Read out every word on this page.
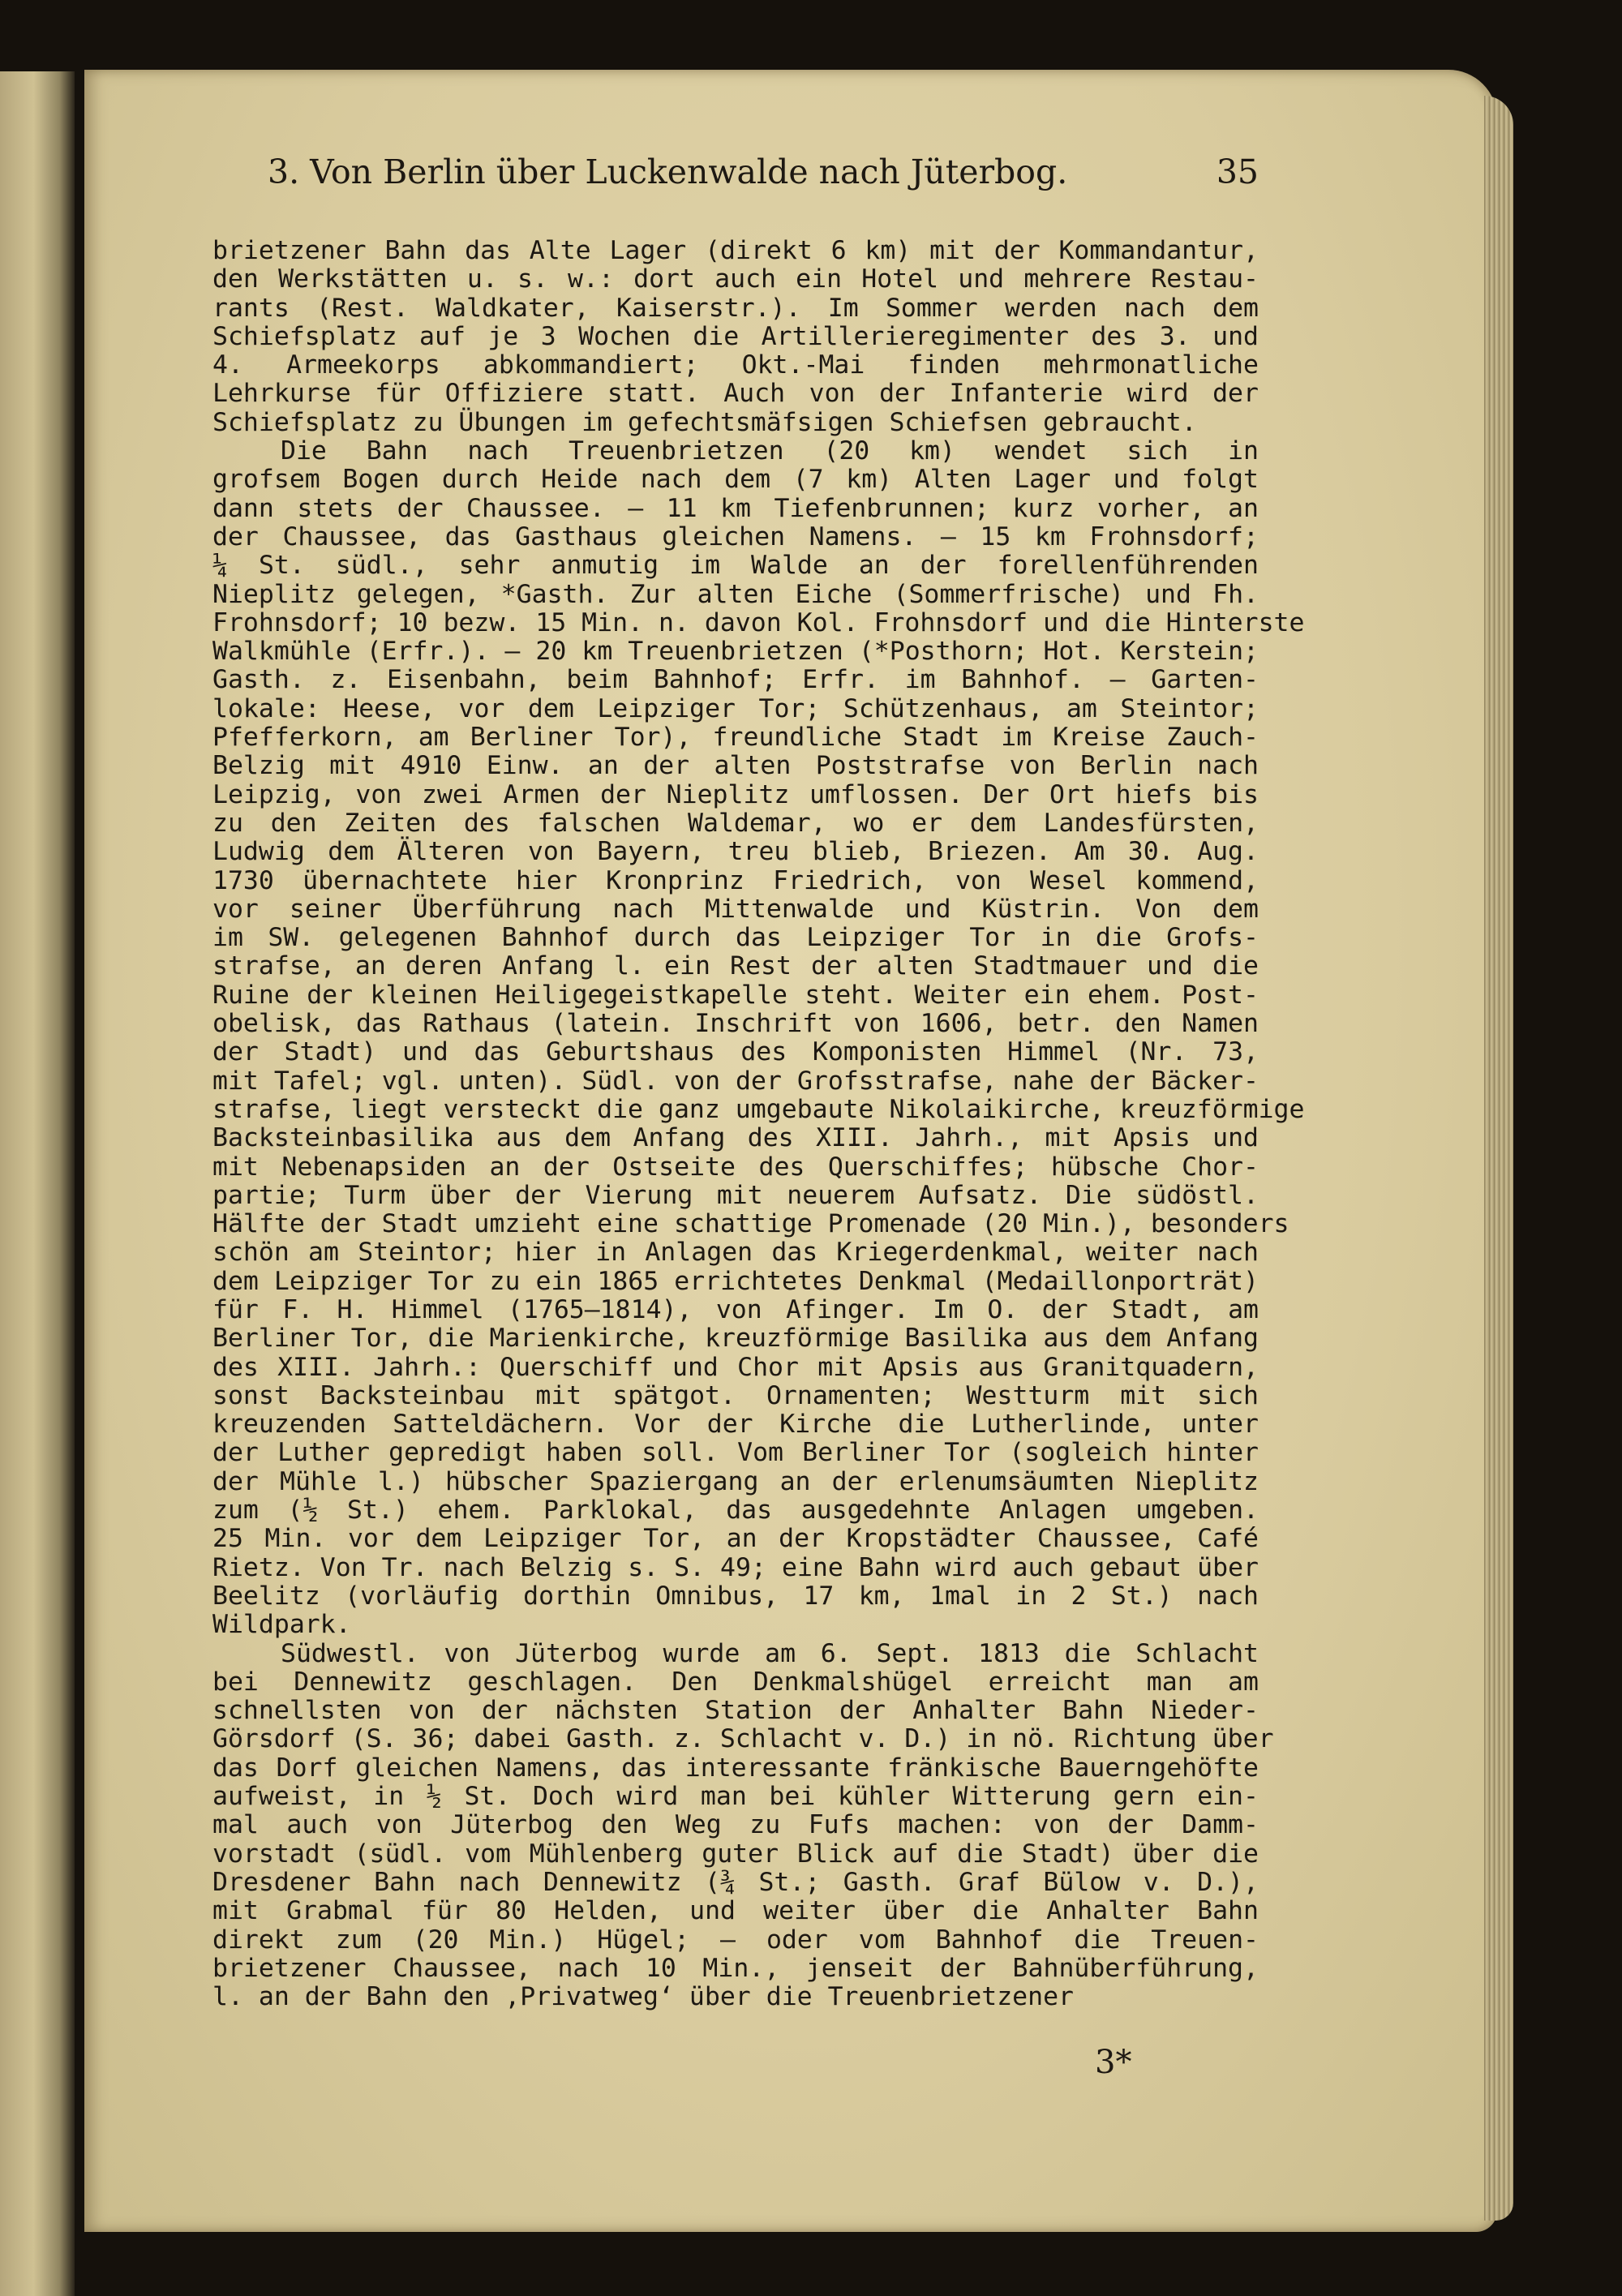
3. Von Berlin über Luckenwalde nach Jüterbog.	35
brietzener Bahn das Alte Lager (direkt 6 km) mit der Kommandantur,
den Werkstätten u. s. w.: dort auch ein Hotel und mehrere Restau-
rants (Rest. Waldkater, Kaiserstr.). Im Sommer werden nach dem
Schiefsplatz auf je 3 Wochen die Artillerieregimenter des 3. und
4. Armeekorps abkommandiert; Okt.-Mai finden mehrmonatliche
Lehrkurse für Offiziere statt. Auch von der Infanterie wird der
Schiefsplatz zu Übungen im gefechtsmäfsigen Schiefsen gebraucht.
Die Bahn nach Treuenbrietzen (20 km) wendet sich in
grofsem Bogen durch Heide nach dem (7 km) Alten Lager und folgt
dann stets der Chaussee. — 11 km Tiefenbrunnen; kurz vorher, an
der Chaussee, das Gasthaus gleichen Namens. — 15 km Frohnsdorf;
¼ St. südl., sehr anmutig im Walde an der forellenführenden
Nieplitz gelegen, *Gasth. Zur alten Eiche (Sommerfrische) und Fh.
Frohnsdorf; 10 bezw. 15 Min. n. davon Kol. Frohnsdorf und die Hinterste
Walkmühle (Erfr.). — 20 km Treuenbrietzen (*Posthorn; Hot. Kerstein;
Gasth. z. Eisenbahn, beim Bahnhof; Erfr. im Bahnhof. — Garten-
lokale: Heese, vor dem Leipziger Tor; Schützenhaus, am Steintor;
Pfefferkorn, am Berliner Tor), freundliche Stadt im Kreise Zauch-
Belzig mit 4910 Einw. an der alten Poststrafse von Berlin nach
Leipzig, von zwei Armen der Nieplitz umflossen. Der Ort hiefs bis
zu den Zeiten des falschen Waldemar, wo er dem Landesfürsten,
Ludwig dem Älteren von Bayern, treu blieb, Briezen. Am 30. Aug.
1730 übernachtete hier Kronprinz Friedrich, von Wesel kommend,
vor seiner Überführung nach Mittenwalde und Küstrin. Von dem
im SW. gelegenen Bahnhof durch das Leipziger Tor in die Grofs-
strafse, an deren Anfang l. ein Rest der alten Stadtmauer und die
Ruine der kleinen Heiligegeistkapelle steht. Weiter ein ehem. Post-
obelisk, das Rathaus (latein. Inschrift von 1606, betr. den Namen
der Stadt) und das Geburtshaus des Komponisten Himmel (Nr. 73,
mit Tafel; vgl. unten). Südl. von der Grofsstrafse, nahe der Bäcker-
strafse, liegt versteckt die ganz umgebaute Nikolaikirche, kreuzförmige
Backsteinbasilika aus dem Anfang des XIII. Jahrh., mit Apsis und
mit Nebenapsiden an der Ostseite des Querschiffes; hübsche Chor-
partie; Turm über der Vierung mit neuerem Aufsatz. Die südöstl.
Hälfte der Stadt umzieht eine schattige Promenade (20 Min.), besonders
schön am Steintor; hier in Anlagen das Kriegerdenkmal, weiter nach
dem Leipziger Tor zu ein 1865 errichtetes Denkmal (Medaillonporträt)
für F. H. Himmel (1765–1814), von Afinger. Im O. der Stadt, am
Berliner Tor, die Marienkirche, kreuzförmige Basilika aus dem Anfang
des XIII. Jahrh.: Querschiff und Chor mit Apsis aus Granitquadern,
sonst Backsteinbau mit spätgot. Ornamenten; Westturm mit sich
kreuzenden Satteldächern. Vor der Kirche die Lutherlinde, unter
der Luther gepredigt haben soll. Vom Berliner Tor (sogleich hinter
der Mühle l.) hübscher Spaziergang an der erlenumsäumten Nieplitz
zum (½ St.) ehem. Parklokal, das ausgedehnte Anlagen umgeben.
25 Min. vor dem Leipziger Tor, an der Kropstädter Chaussee, Café
Rietz. Von Tr. nach Belzig s. S. 49; eine Bahn wird auch gebaut über
Beelitz (vorläufig dorthin Omnibus, 17 km, 1mal in 2 St.) nach
Wildpark.
Südwestl. von Jüterbog wurde am 6. Sept. 1813 die Schlacht
bei Dennewitz geschlagen. Den Denkmalshügel erreicht man am
schnellsten von der nächsten Station der Anhalter Bahn Nieder-
Görsdorf (S. 36; dabei Gasth. z. Schlacht v. D.) in nö. Richtung über
das Dorf gleichen Namens, das interessante fränkische Bauerngehöfte
aufweist, in ½ St. Doch wird man bei kühler Witterung gern ein-
mal auch von Jüterbog den Weg zu Fufs machen: von der Damm-
vorstadt (südl. vom Mühlenberg guter Blick auf die Stadt) über die
Dresdener Bahn nach Dennewitz (¾ St.; Gasth. Graf Bülow v. D.),
mit Grabmal für 80 Helden, und weiter über die Anhalter Bahn
direkt zum (20 Min.) Hügel; — oder vom Bahnhof die Treuen-
brietzener Chaussee, nach 10 Min., jenseit der Bahnüberführung,
l. an der Bahn den ‚Privatweg‘ über die Treuenbrietzener
3*
